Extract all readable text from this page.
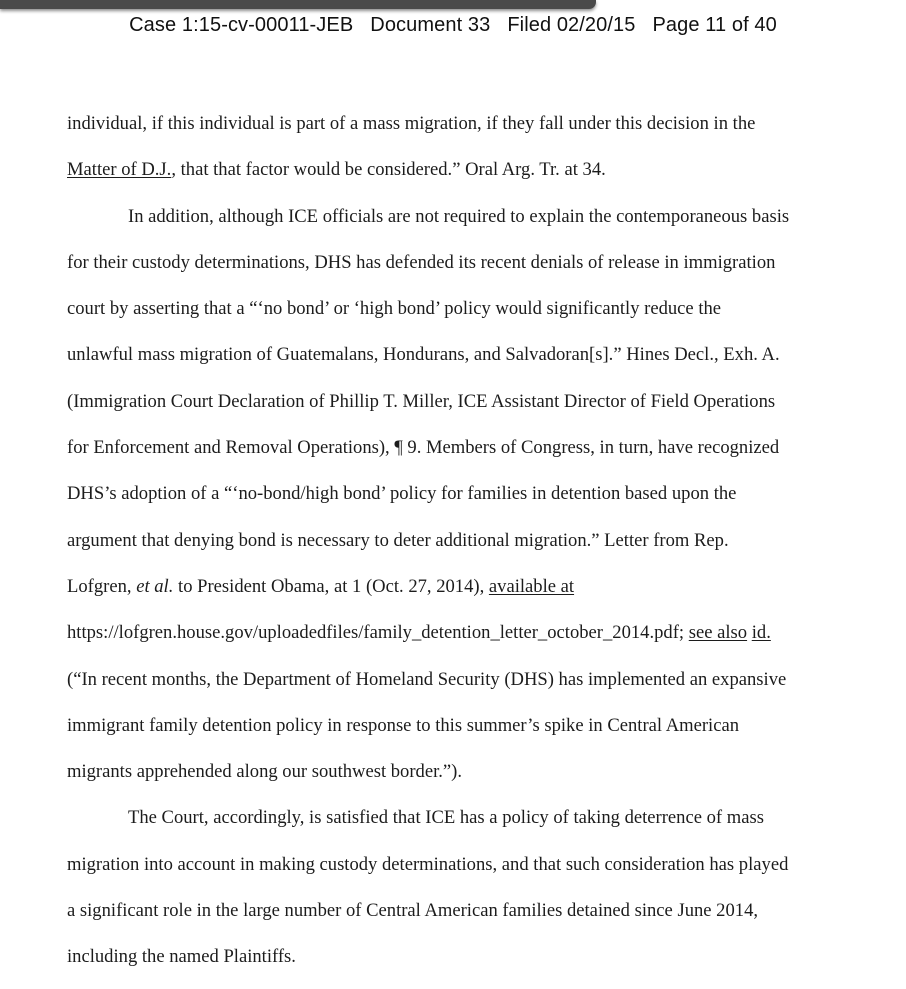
Case 1:15-cv-00011-JEB Document 33 Filed 02/20/15 Page 11 of 40
individual, if this individual is part of a mass migration, if they fall under this decision in the
Matter of D.J., that that factor would be considered.” Oral Arg. Tr. at 34.
In addition, although ICE officials are not required to explain the contemporaneous basis
for their custody determinations, DHS has defended its recent denials of release in immigration
court by asserting that a “‘no bond’ or ‘high bond’ policy would significantly reduce the
unlawful mass migration of Guatemalans, Hondurans, and Salvadoran[s].” Hines Decl., Exh. A.
(Immigration Court Declaration of Phillip T. Miller, ICE Assistant Director of Field Operations
for Enforcement and Removal Operations), ¶ 9. Members of Congress, in turn, have recognized
DHS’s adoption of a “‘no-bond/high bond’ policy for families in detention based upon the
argument that denying bond is necessary to deter additional migration.” Letter from Rep.
Lofgren, et al. to President Obama, at 1 (Oct. 27, 2014), available at
https://lofgren.house.gov/uploadedfiles/family_detention_letter_october_2014.pdf; see also id.
(“In recent months, the Department of Homeland Security (DHS) has implemented an expansive
immigrant family detention policy in response to this summer’s spike in Central American
migrants apprehended along our southwest border.”).
The Court, accordingly, is satisfied that ICE has a policy of taking deterrence of mass
migration into account in making custody determinations, and that such consideration has played
a significant role in the large number of Central American families detained since June 2014,
including the named Plaintiffs.
